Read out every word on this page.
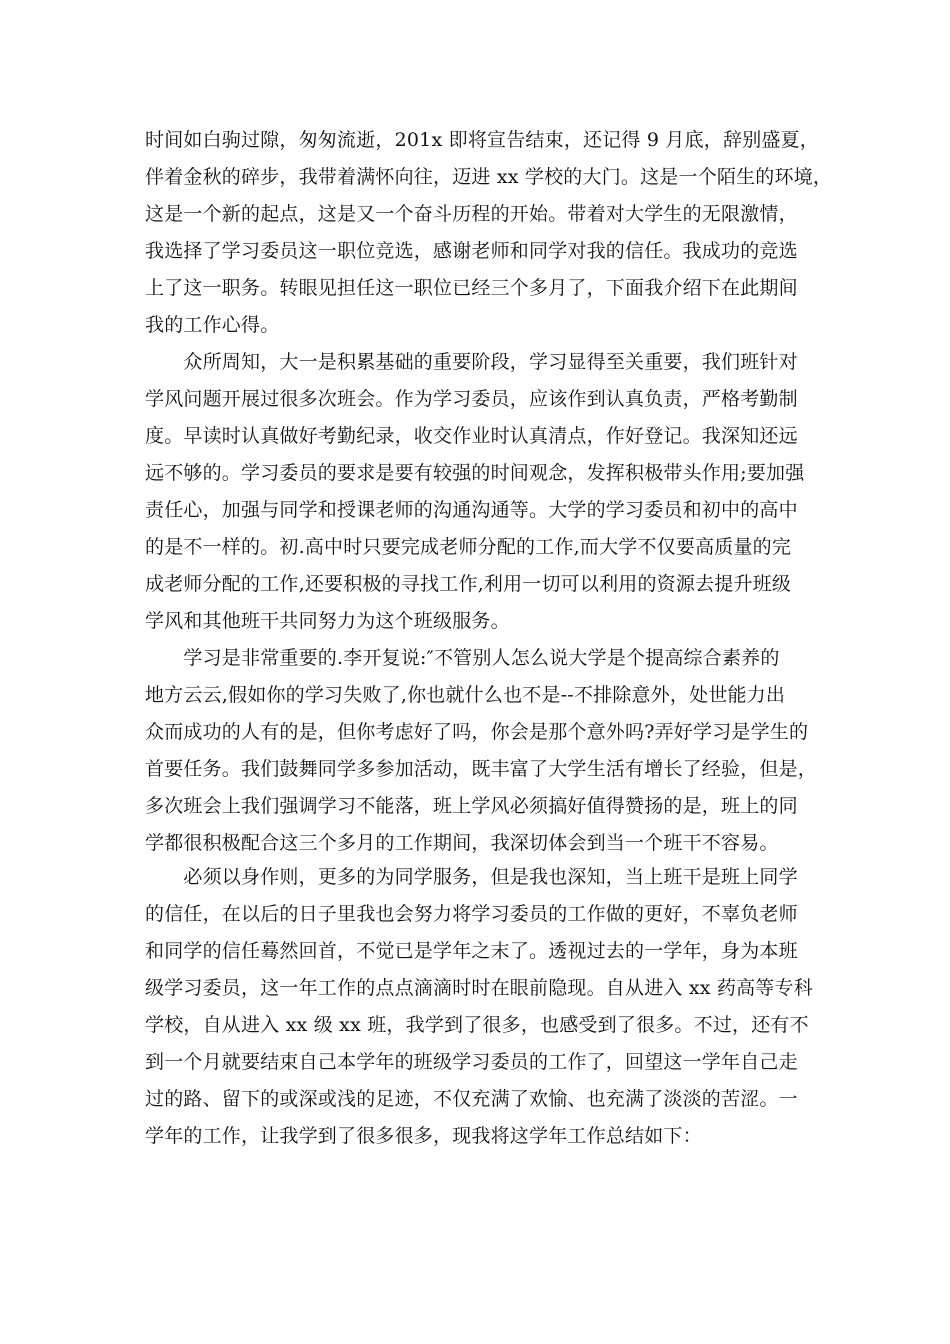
时间如白驹过隙，匆匆流逝，201x 即将宣告结束，还记得 9 月底，辞别盛夏，
伴着金秋的碎步，我带着满怀向往，迈进 xx 学校的大门。这是一个陌生的环境，
这是一个新的起点，这是又一个奋斗历程的开始。带着对大学生的无限激情，
我选择了学习委员这一职位竞选，感谢老师和同学对我的信任。我成功的竞选
上了这一职务。转眼见担任这一职位已经三个多月了，下面我介绍下在此期间
我的工作心得。
　　众所周知，大一是积累基础的重要阶段，学习显得至关重要，我们班针对
学风问题开展过很多次班会。作为学习委员，应该作到认真负责，严格考勤制
度。早读时认真做好考勤纪录，收交作业时认真清点，作好登记。我深知还远
远不够的。学习委员的要求是要有较强的时间观念，发挥积极带头作用;要加强
责任心，加强与同学和授课老师的沟通沟通等。大学的学习委员和初中的高中
的是不一样的。初.高中时只要完成老师分配的工作,而大学不仅要高质量的完
成老师分配的工作,还要积极的寻找工作,利用一切可以利用的资源去提升班级
学风和其他班干共同努力为这个班级服务。
　　学习是非常重要的.李开复说:″不管别人怎么说大学是个提高综合素养的
地方云云,假如你的学习失败了,你也就什么也不是--不排除意外，处世能力出
众而成功的人有的是，但你考虑好了吗，你会是那个意外吗?弄好学习是学生的
首要任务。我们鼓舞同学多参加活动，既丰富了大学生活有增长了经验，但是，
多次班会上我们强调学习不能落，班上学风必须搞好值得赞扬的是，班上的同
学都很积极配合这三个多月的工作期间，我深切体会到当一个班干不容易。
　　必须以身作则，更多的为同学服务，但是我也深知，当上班干是班上同学
的信任，在以后的日子里我也会努力将学习委员的工作做的更好，不辜负老师
和同学的信任蓦然回首，不觉已是学年之末了。透视过去的一学年，身为本班
级学习委员，这一年工作的点点滴滴时时在眼前隐现。自从进入 xx 药高等专科
学校，自从进入 xx 级 xx 班，我学到了很多，也感受到了很多。不过，还有不
到一个月就要结束自己本学年的班级学习委员的工作了，回望这一学年自己走
过的路、留下的或深或浅的足迹，不仅充满了欢愉、也充满了淡淡的苦涩。一
学年的工作，让我学到了很多很多，现我将这学年工作总结如下：
